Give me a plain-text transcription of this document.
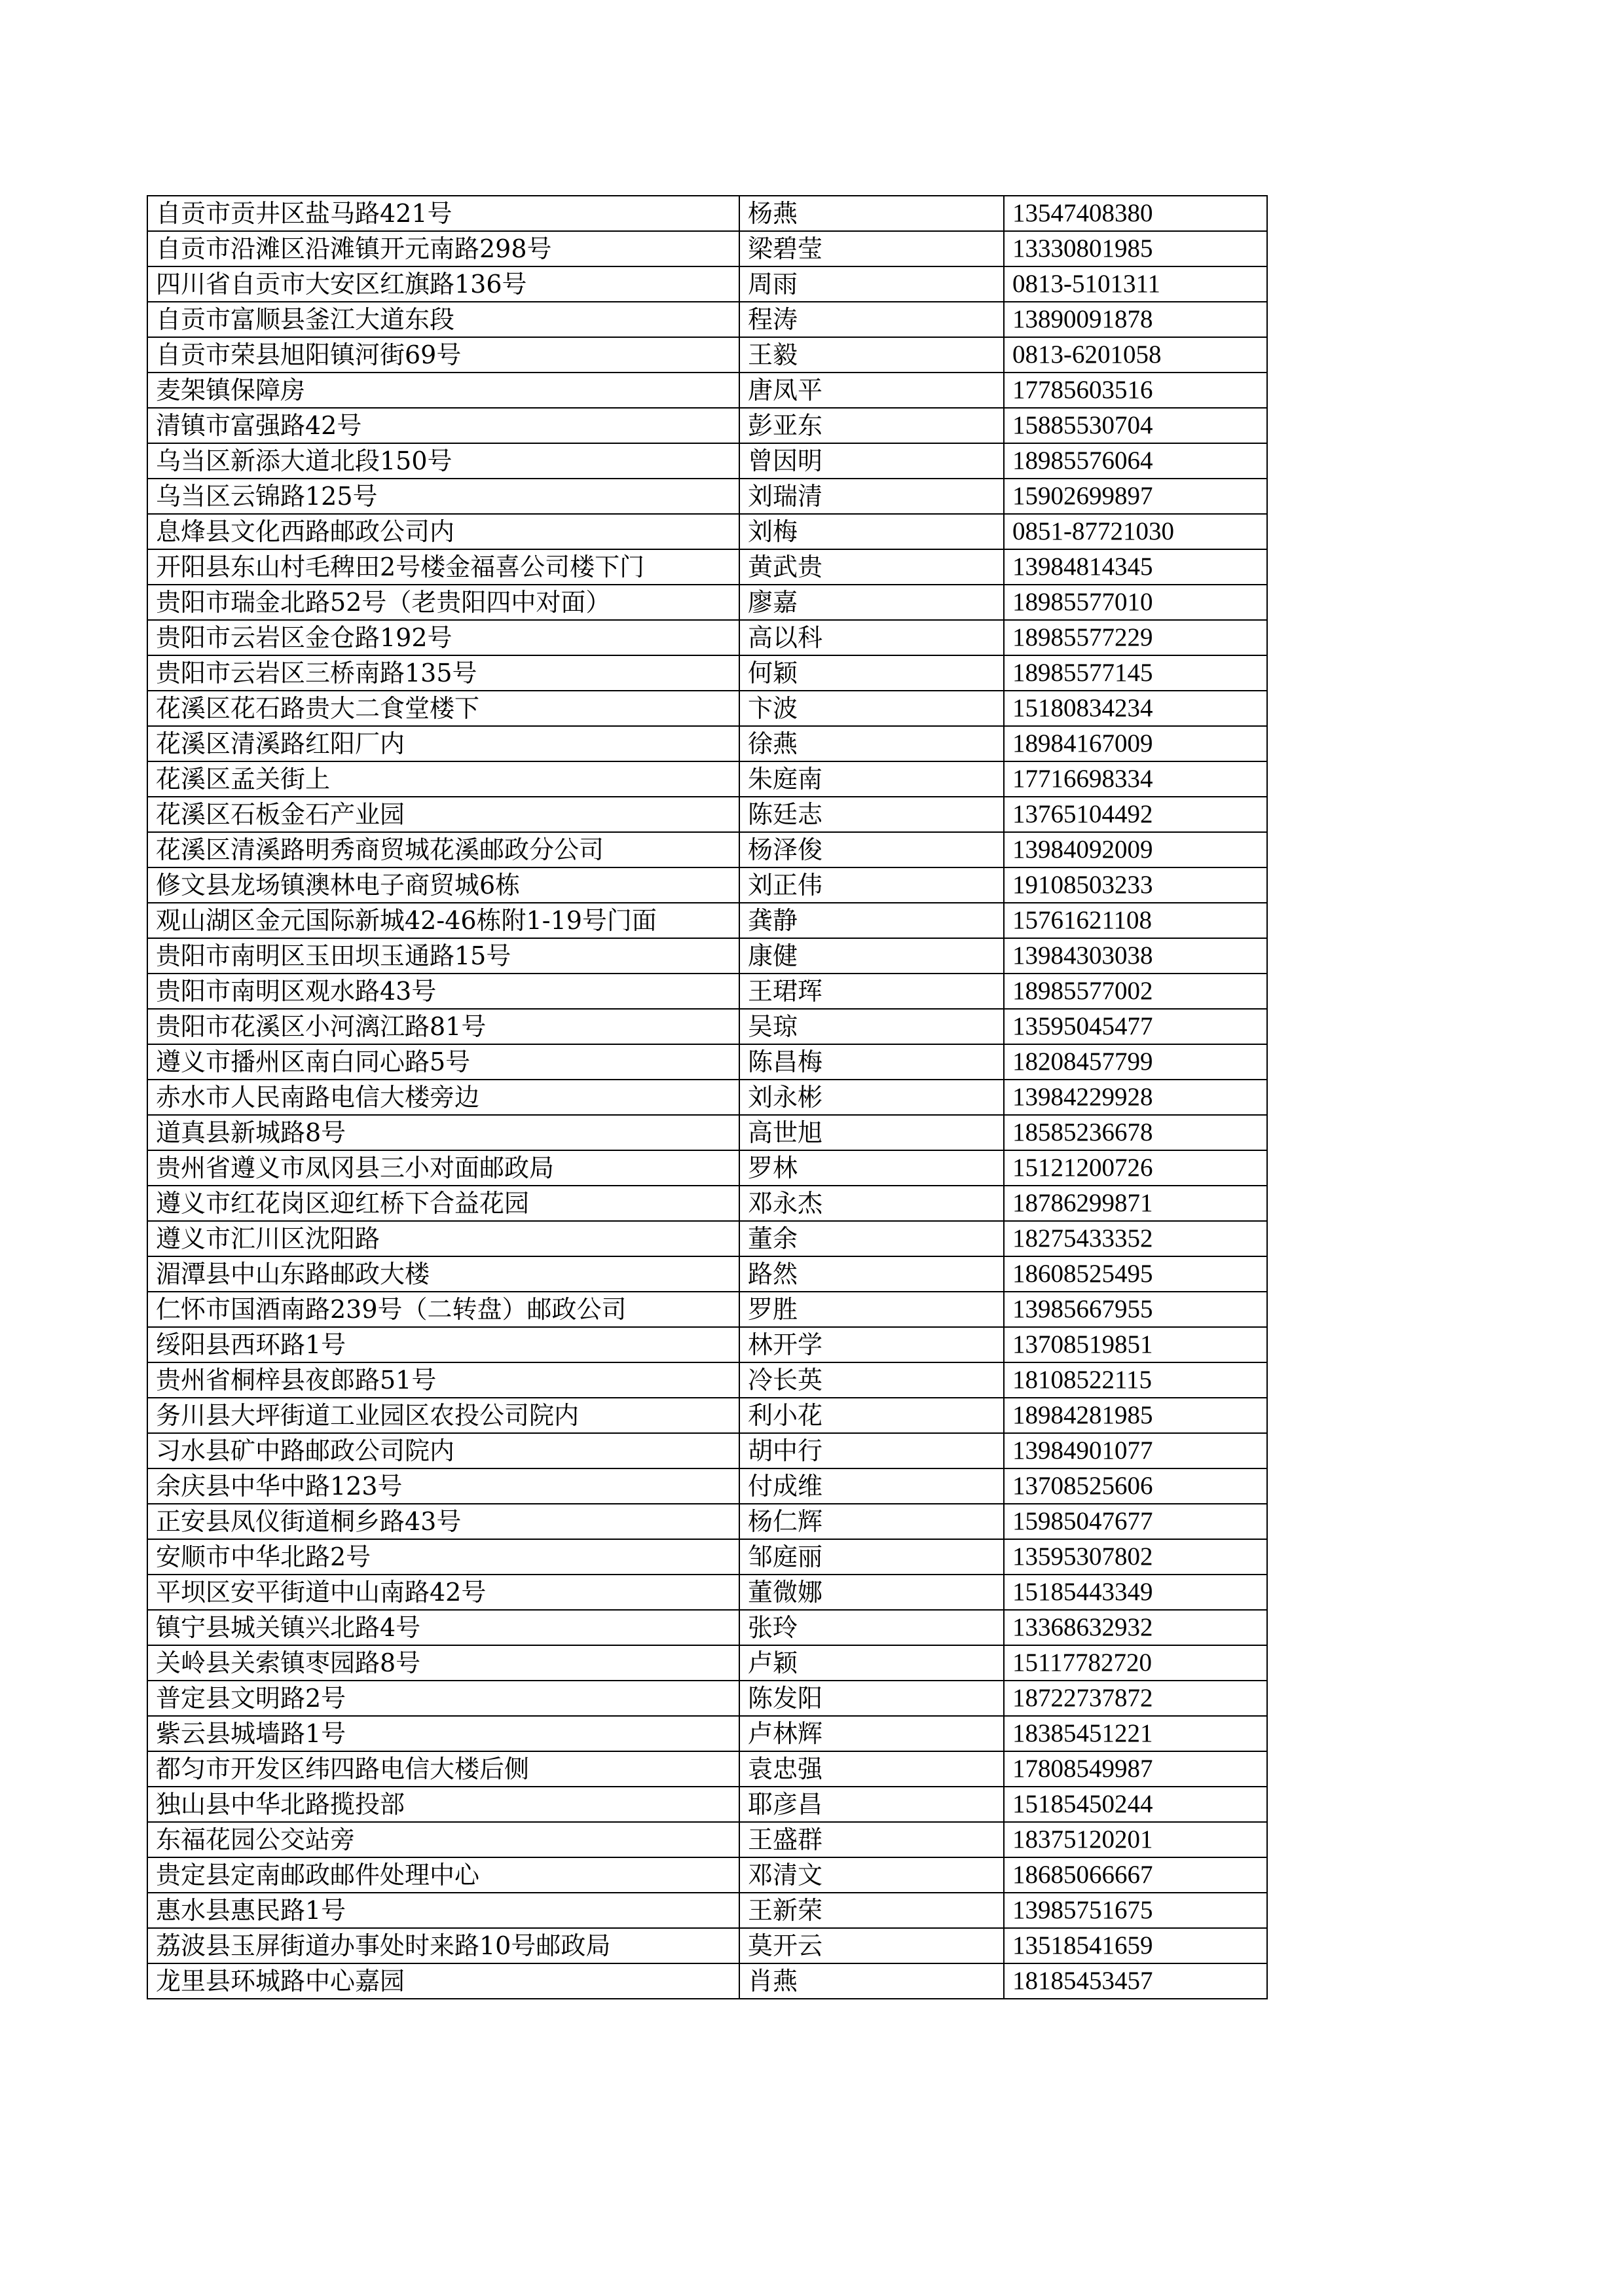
自贡市贡井区盐马路421号	杨燕	13547408380
自贡市沿滩区沿滩镇开元南路298号	梁碧莹	13330801985
四川省自贡市大安区红旗路136号	周雨	0813-5101311
自贡市富顺县釜江大道东段	程涛	13890091878
自贡市荣县旭阳镇河街69号	王毅	0813-6201058
麦架镇保障房	唐凤平	17785603516
清镇市富强路42号	彭亚东	15885530704
乌当区新添大道北段150号	曾因明	18985576064
乌当区云锦路125号	刘瑞清	15902699897
息烽县文化西路邮政公司内	刘梅	0851-87721030
开阳县东山村毛稗田2号楼金福喜公司楼下门	黄武贵	13984814345
贵阳市瑞金北路52号（老贵阳四中对面）	廖嘉	18985577010
贵阳市云岩区金仓路192号	高以科	18985577229
贵阳市云岩区三桥南路135号	何颖	18985577145
花溪区花石路贵大二食堂楼下	卞波	15180834234
花溪区清溪路红阳厂内	徐燕	18984167009
花溪区孟关街上	朱庭南	17716698334
花溪区石板金石产业园	陈廷志	13765104492
花溪区清溪路明秀商贸城花溪邮政分公司	杨泽俊	13984092009
修文县龙场镇澳林电子商贸城6栋	刘正伟	19108503233
观山湖区金元国际新城42-46栋附1-19号门面	龚静	15761621108
贵阳市南明区玉田坝玉通路15号	康健	13984303038
贵阳市南明区观水路43号	王珺珲	18985577002
贵阳市花溪区小河漓江路81号	吴琼	13595045477
遵义市播州区南白同心路5号	陈昌梅	18208457799
赤水市人民南路电信大楼旁边	刘永彬	13984229928
道真县新城路8号	高世旭	18585236678
贵州省遵义市凤冈县三小对面邮政局	罗林	15121200726
遵义市红花岗区迎红桥下合益花园	邓永杰	18786299871
遵义市汇川区沈阳路	董余	18275433352
湄潭县中山东路邮政大楼	路然	18608525495
仁怀市国酒南路239号（二转盘）邮政公司	罗胜	13985667955
绥阳县西环路1号	林开学	13708519851
贵州省桐梓县夜郎路51号	冷长英	18108522115
务川县大坪街道工业园区农投公司院内	利小花	18984281985
习水县矿中路邮政公司院内	胡中行	13984901077
余庆县中华中路123号	付成维	13708525606
正安县凤仪街道桐乡路43号	杨仁辉	15985047677
安顺市中华北路2号	邹庭丽	13595307802
平坝区安平街道中山南路42号	董微娜	15185443349
镇宁县城关镇兴北路4号	张玲	13368632932
关岭县关索镇枣园路8号	卢颖	15117782720
普定县文明路2号	陈发阳	18722737872
紫云县城墙路1号	卢林辉	18385451221
都匀市开发区纬四路电信大楼后侧	袁忠强	17808549987
独山县中华北路揽投部	耶彦昌	15185450244
东福花园公交站旁	王盛群	18375120201
贵定县定南邮政邮件处理中心	邓清文	18685066667
惠水县惠民路1号	王新荣	13985751675
荔波县玉屏街道办事处时来路10号邮政局	莫开云	13518541659
龙里县环城路中心嘉园	肖燕	18185453457
